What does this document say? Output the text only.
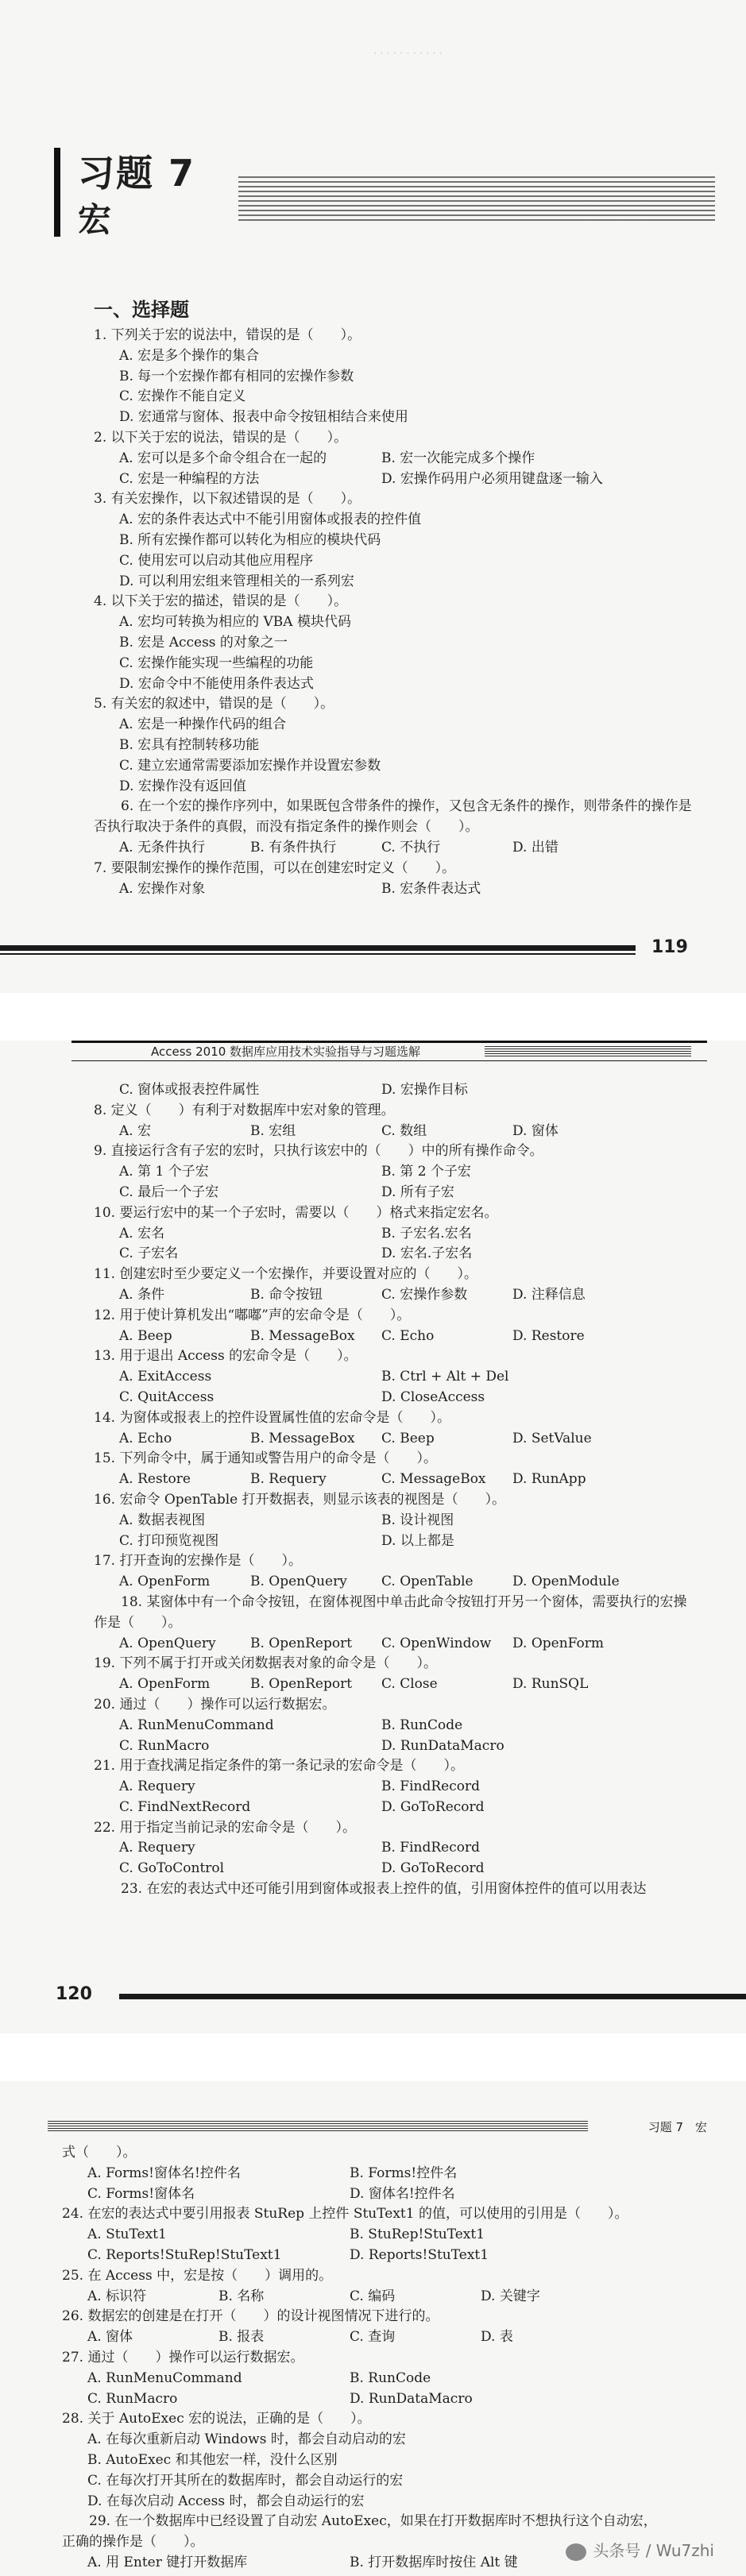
· · · · · · · · · · ·
习题 7
宏
一、选择题

1. 下列关于宏的说法中，错误的是（　　）。

A. 宏是多个操作的集合

B. 每一个宏操作都有相同的宏操作参数

C. 宏操作不能自定义

D. 宏通常与窗体、报表中命令按钮相结合来使用

2. 以下关于宏的说法，错误的是（　　）。

A. 宏可以是多个命令组合在一起的	B. 宏一次能完成多个操作

C. 宏是一种编程的方法	D. 宏操作码用户必须用键盘逐一输入

3. 有关宏操作，以下叙述错误的是（　　）。

A. 宏的条件表达式中不能引用窗体或报表的控件值

B. 所有宏操作都可以转化为相应的模块代码

C. 使用宏可以启动其他应用程序

D. 可以利用宏组来管理相关的一系列宏

4. 以下关于宏的描述，错误的是（　　）。

A. 宏均可转换为相应的 VBA 模块代码

B. 宏是 Access 的对象之一

C. 宏操作能实现一些编程的功能

D. 宏命令中不能使用条件表达式

5. 有关宏的叙述中，错误的是（　　）。

A. 宏是一种操作代码的组合

B. 宏具有控制转移功能

C. 建立宏通常需要添加宏操作并设置宏参数

D. 宏操作没有返回值

6. 在一个宏的操作序列中，如果既包含带条件的操作，又包含无条件的操作，则带条件的操作是否执行取决于条件的真假，而没有指定条件的操作则会（　　）。

A. 无条件执行	B. 有条件执行	C. 不执行	D. 出错

7. 要限制宏操作的操作范围，可以在创建宏时定义（　　）。

A. 宏操作对象	B. 宏条件表达式

119

C. 窗体或报表控件属性	D. 宏操作目标

8. 定义（　　）有利于对数据库中宏对象的管理。

A. 宏	B. 宏组	C. 数组	D. 窗体

9. 直接运行含有子宏的宏时，只执行该宏中的（　　）中的所有操作命令。

A. 第 1 个子宏	B. 第 2 个子宏

C. 最后一个子宏	D. 所有子宏

10. 要运行宏中的某一个子宏时，需要以（　　）格式来指定宏名。

A. 宏名	B. 子宏名.宏名

C. 子宏名	D. 宏名.子宏名

11. 创建宏时至少要定义一个宏操作，并要设置对应的（　　）。

A. 条件	B. 命令按钮	C. 宏操作参数	D. 注释信息

12. 用于使计算机发出“嘟嘟”声的宏命令是（　　）。

A. Beep	B. MessageBox	C. Echo	D. Restore

13. 用于退出 Access 的宏命令是（　　）。

A. ExitAccess	B. Ctrl + Alt + Del

C. QuitAccess	D. CloseAccess

14. 为窗体或报表上的控件设置属性值的宏命令是（　　）。

A. Echo	B. MessageBox	C. Beep	D. SetValue

15. 下列命令中，属于通知或警告用户的命令是（　　）。

A. Restore	B. Requery	C. MessageBox	D. RunApp

16. 宏命令 OpenTable 打开数据表，则显示该表的视图是（　　）。

A. 数据表视图	B. 设计视图

C. 打印预览视图	D. 以上都是

17. 打开查询的宏操作是（　　）。

A. OpenForm	B. OpenQuery	C. OpenTable	D. OpenModule

18. 某窗体中有一个命令按钮，在窗体视图中单击此命令按钮打开另一个窗体，需要执行的宏操作是（　　）。

A. OpenQuery	B. OpenReport	C. OpenWindow	D. OpenForm

19. 下列不属于打开或关闭数据表对象的命令是（　　）。

A. OpenForm	B. OpenReport	C. Close	D. RunSQL

20. 通过（　　）操作可以运行数据宏。

A. RunMenuCommand	B. RunCode

C. RunMacro	D. RunDataMacro

21. 用于查找满足指定条件的第一条记录的宏命令是（　　）。

A. Requery	B. FindRecord

C. FindNextRecord	D. GoToRecord

22. 用于指定当前记录的宏命令是（　　）。

A. Requery	B. FindRecord

C. GoToControl	D. GoToRecord

23. 在宏的表达式中还可能引用到窗体或报表上控件的值，引用窗体控件的值可以用表达

120
Access 2010 数据库应用技术实验指导与习题选解

式（　　）。

A. Forms!窗体名!控件名	B. Forms!控件名

C. Forms!窗体名	D. 窗体名!控件名

24. 在宏的表达式中要引用报表 StuRep 上控件 StuText1 的值，可以使用的引用是（　　）。

A. StuText1	B. StuRep!StuText1

C. Reports!StuRep!StuText1	D. Reports!StuText1

25. 在 Access 中，宏是按（　　）调用的。

A. 标识符	B. 名称	C. 编码	D. 关键字

26. 数据宏的创建是在打开（　　）的设计视图情况下进行的。

A. 窗体	B. 报表	C. 查询	D. 表

27. 通过（　　）操作可以运行数据宏。

A. RunMenuCommand	B. RunCode

C. RunMacro	D. RunDataMacro

28. 关于 AutoExec 宏的说法，正确的是（　　）。

A. 在每次重新启动 Windows 时，都会自动启动的宏

B. AutoExec 和其他宏一样，没什么区别

C. 在每次打开其所在的数据库时，都会自动运行的宏

D. 在每次启动 Access 时，都会自动运行的宏

29. 在一个数据库中已经设置了自动宏 AutoExec，如果在打开数据库时不想执行这个自动宏，正确的操作是（　　）。

A. 用 Enter 键打开数据库	B. 打开数据库时按住 Alt 键

习题 7　宏
头条号 / Wu7zhi
